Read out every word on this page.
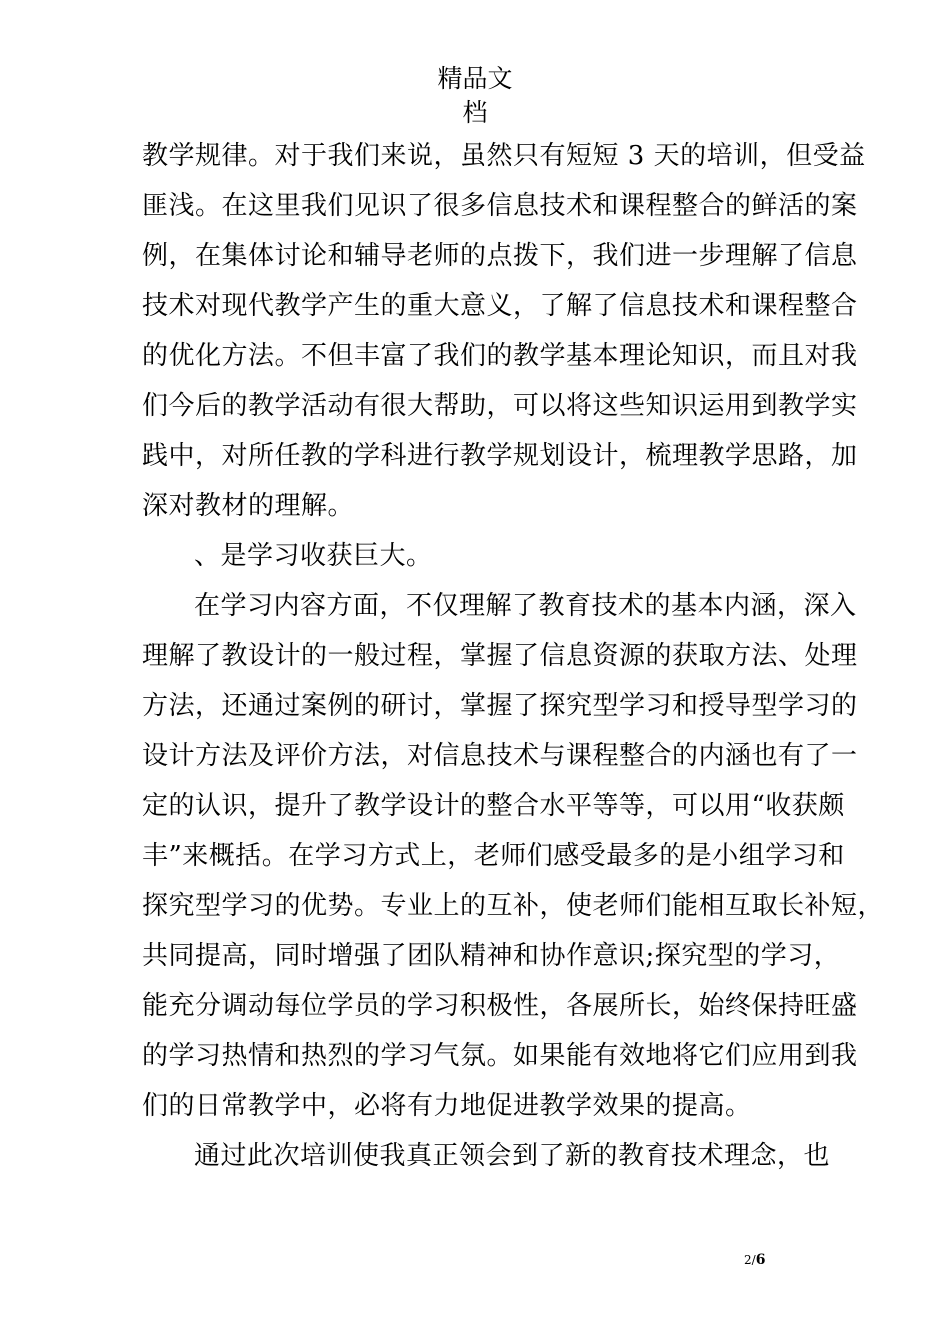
精品文
档
教学规律。对于我们来说，虽然只有短短 3 天的培训，但受益
匪浅。在这里我们见识了很多信息技术和课程整合的鲜活的案
例，在集体讨论和辅导老师的点拨下，我们进一步理解了信息
技术对现代教学产生的重大意义，了解了信息技术和课程整合
的优化方法。不但丰富了我们的教学基本理论知识，而且对我
们今后的教学活动有很大帮助，可以将这些知识运用到教学实
践中，对所任教的学科进行教学规划设计，梳理教学思路，加
深对教材的理解。
、是学习收获巨大。
在学习内容方面，不仅理解了教育技术的基本内涵，深入
理解了教设计的一般过程，掌握了信息资源的获取方法、处理
方法，还通过案例的研讨，掌握了探究型学习和授导型学习的
设计方法及评价方法，对信息技术与课程整合的内涵也有了一
定的认识，提升了教学设计的整合水平等等，可以用“收获颇
丰”来概括。在学习方式上，老师们感受最多的是小组学习和
探究型学习的优势。专业上的互补，使老师们能相互取长补短，
共同提高，同时增强了团队精神和协作意识;探究型的学习，
能充分调动每位学员的学习积极性，各展所长，始终保持旺盛
的学习热情和热烈的学习气氛。如果能有效地将它们应用到我
们的日常教学中，必将有力地促进教学效果的提高。
通过此次培训使我真正领会到了新的教育技术理念，也
2/6
